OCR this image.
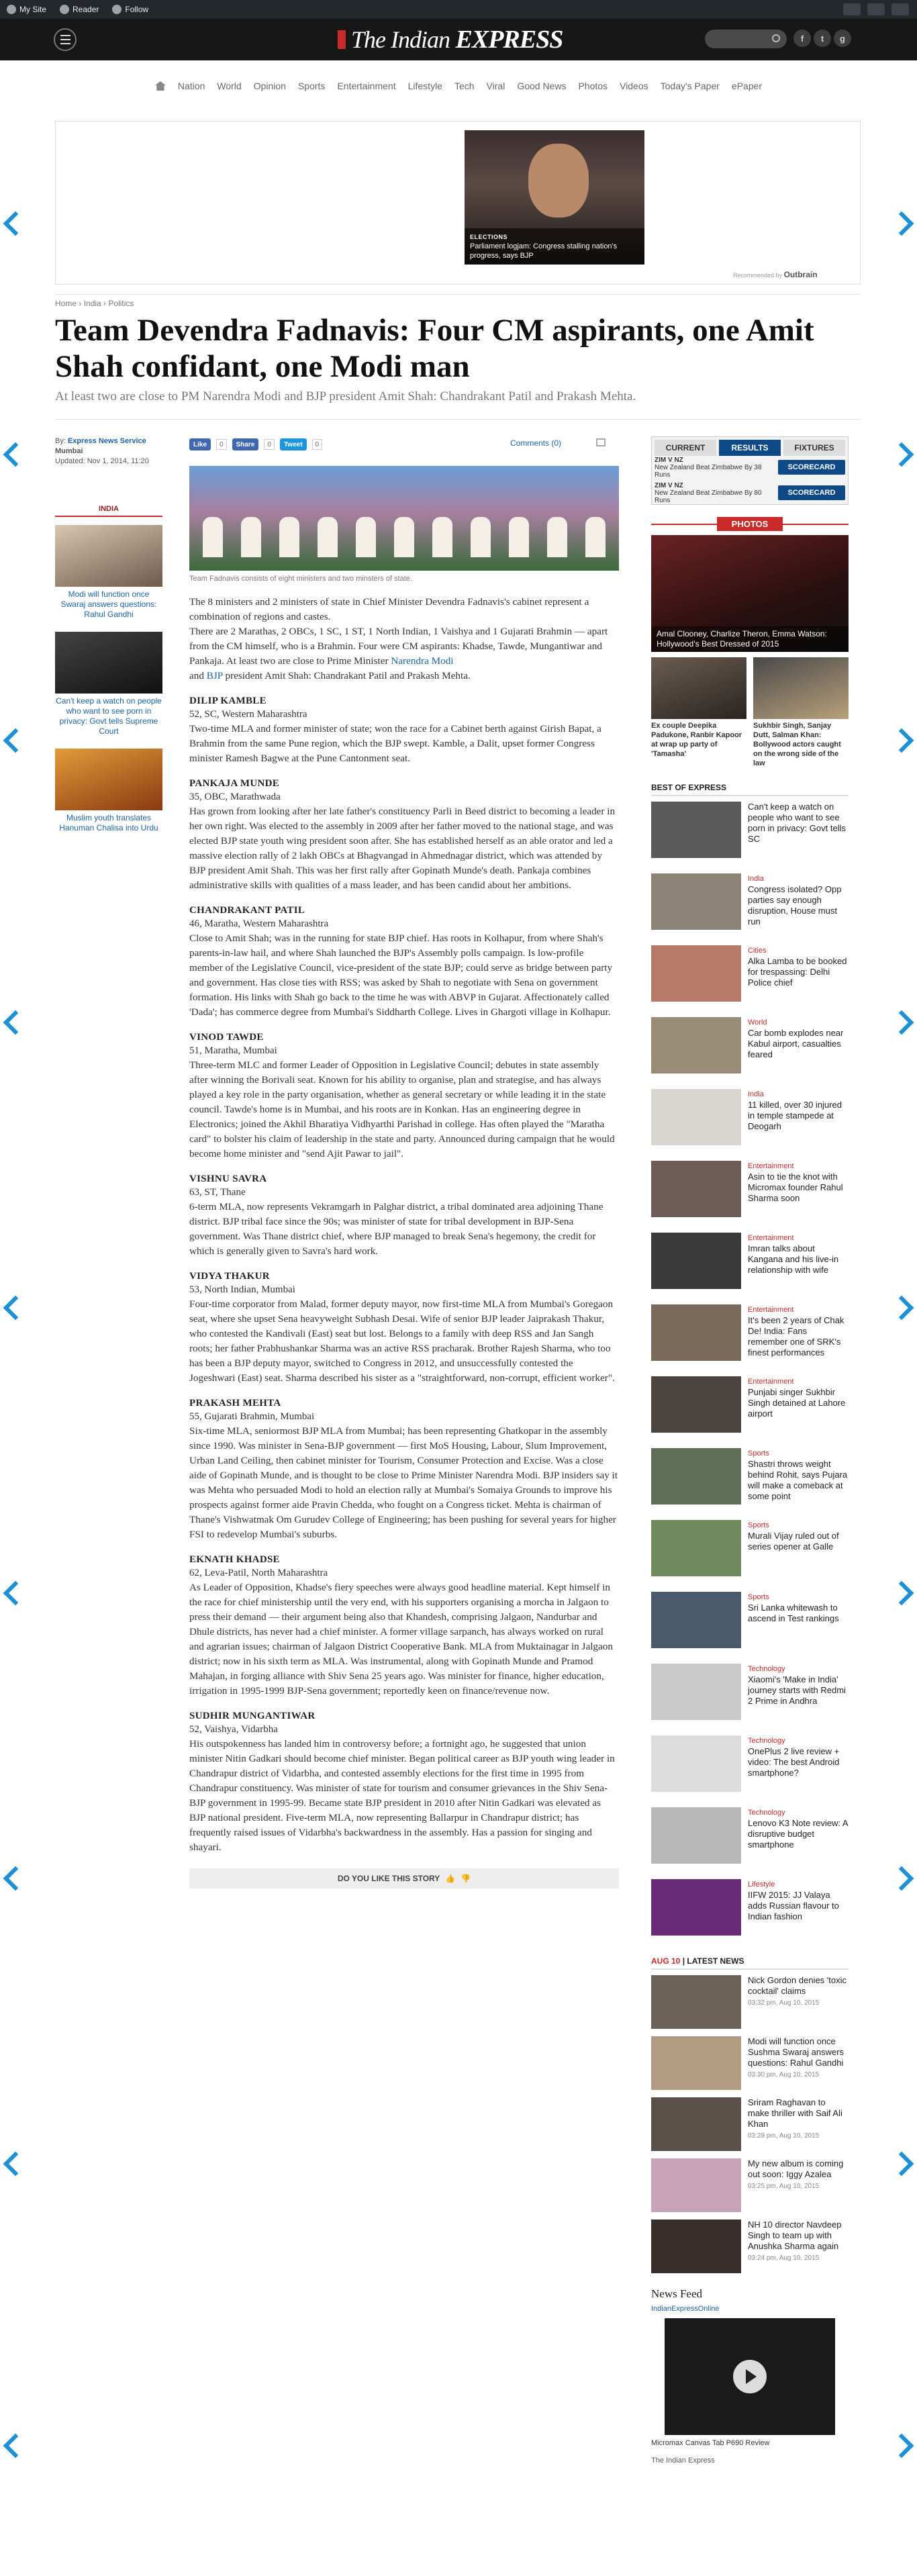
My Site	Reader	Follow
The Indian
EXPRESS	f	t	g
Nation World Opinion Sports Entertainment Lifestyle Tech Viral Good News Photos Videos Today's Paper ePaper
ELECTIONS
Parliament logjam: Congress stalling nation's progress, says BJP
Recommended by Outbrain
Home › India › Politics
Team Devendra Fadnavis: Four CM aspirants, one Amit Shah confidant, one Modi man
At least two are close to PM Narendra Modi and BJP president Amit Shah: Chandrakant Patil and Prakash Mehta.
By: Express News Service
Mumbai
Updated: Nov 1, 2014, 11:20
Like	0	Share	0	Tweet	0	Comments (0)
INDIA
Modi will function once Swaraj answers questions: Rahul Gandhi
Can't keep a watch on people who want to see porn in privacy: Govt tells Supreme Court
Muslim youth translates Hanuman Chalisa into Urdu
Team Fadnavis consists of eight ministers and two minsters of state.
The 8 ministers and 2 ministers of state in Chief Minister Devendra Fadnavis's cabinet represent a combination of regions and castes.
There are 2 Marathas, 2 OBCs, 1 SC, 1 ST, 1 North Indian, 1 Vaishya and 1 Gujarati Brahmin — apart from the CM himself, who is a Brahmin. Four were CM aspirants: Khadse, Tawde, Mungantiwar and Pankaja. At least two are close to Prime Minister Narendra Modi
and BJP president Amit Shah: Chandrakant Patil and Prakash Mehta.
DILIP KAMBLE
52, SC, Western Maharashtra
Two-time MLA and former minister of state; won the race for a Cabinet berth against Girish Bapat, a Brahmin from the same Pune region, which the BJP swept. Kamble, a Dalit, upset former Congress minister Ramesh Bagwe at the Pune Cantonment seat.
PANKAJA MUNDE
35, OBC, Marathwada
Has grown from looking after her late father's constituency Parli in Beed district to becoming a leader in her own right. Was elected to the assembly in 2009 after her father moved to the national stage, and was elected BJP state youth wing president soon after. She has established herself as an able orator and led a massive election rally of 2 lakh OBCs at Bhagvangad in Ahmednagar district, which was attended by BJP president Amit Shah. This was her first rally after Gopinath Munde's death. Pankaja combines administrative skills with qualities of a mass leader, and has been candid about her ambitions.
CHANDRAKANT PATIL
46, Maratha, Western Maharashtra
Close to Amit Shah; was in the running for state BJP chief. Has roots in Kolhapur, from where Shah's parents-in-law hail, and where Shah launched the BJP's Assembly polls campaign. Is low-profile member of the Legislative Council, vice-president of the state BJP; could serve as bridge between party and government. Has close ties with RSS; was asked by Shah to negotiate with Sena on government formation. His links with Shah go back to the time he was with ABVP in Gujarat. Affectionately called 'Dada'; has commerce degree from Mumbai's Siddharth College. Lives in Ghargoti village in Kolhapur.
VINOD TAWDE
51, Maratha, Mumbai
Three-term MLC and former Leader of Opposition in Legislative Council; debutes in state assembly after winning the Borivali seat. Known for his ability to organise, plan and strategise, and has always played a key role in the party organisation, whether as general secretary or while leading it in the state council. Tawde's home is in Mumbai, and his roots are in Konkan. Has an engineering degree in Electronics; joined the Akhil Bharatiya Vidhyarthi Parishad in college. Has often played the "Maratha card" to bolster his claim of leadership in the state and party. Announced during campaign that he would become home minister and "send Ajit Pawar to jail".
VISHNU SAVRA
63, ST, Thane
6-term MLA, now represents Vekramgarh in Palghar district, a tribal dominated area adjoining Thane district. BJP tribal face since the 90s; was minister of state for tribal development in BJP-Sena government. Was Thane district chief, where BJP managed to break Sena's hegemony, the credit for which is generally given to Savra's hard work.
VIDYA THAKUR
53, North Indian, Mumbai
Four-time corporator from Malad, former deputy mayor, now first-time MLA from Mumbai's Goregaon seat, where she upset Sena heavyweight Subhash Desai. Wife of senior BJP leader Jaiprakash Thakur, who contested the Kandivali (East) seat but lost. Belongs to a family with deep RSS and Jan Sangh roots; her father Prabhushankar Sharma was an active RSS pracharak. Brother Rajesh Sharma, who too has been a BJP deputy mayor, switched to Congress in 2012, and unsuccessfully contested the Jogeshwari (East) seat. Sharma described his sister as a "straightforward, non-corrupt, efficient worker".
PRAKASH MEHTA
55, Gujarati Brahmin, Mumbai
Six-time MLA, seniormost BJP MLA from Mumbai; has been representing Ghatkopar in the assembly since 1990. Was minister in Sena-BJP government — first MoS Housing, Labour, Slum Improvement, Urban Land Ceiling, then cabinet minister for Tourism, Consumer Protection and Excise. Was a close aide of Gopinath Munde, and is thought to be close to Prime Minister Narendra Modi. BJP insiders say it was Mehta who persuaded Modi to hold an election rally at Mumbai's Somaiya Grounds to improve his prospects against former aide Pravin Chedda, who fought on a Congress ticket. Mehta is chairman of Thane's Vishwatmak Om Gurudev College of Engineering; has been pushing for several years for higher FSI to redevelop Mumbai's suburbs.
EKNATH KHADSE
62, Leva-Patil, North Maharashtra
As Leader of Opposition, Khadse's fiery speeches were always good headline material. Kept himself in the race for chief ministership until the very end, with his supporters organising a morcha in Jalgaon to press their demand — their argument being also that Khandesh, comprising Jalgaon, Nandurbar and Dhule districts, has never had a chief minister. A former village sarpanch, has always worked on rural and agrarian issues; chairman of Jalgaon District Cooperative Bank. MLA from Muktainagar in Jalgaon district; now in his sixth term as MLA. Was instrumental, along with Gopinath Munde and Pramod Mahajan, in forging alliance with Shiv Sena 25 years ago. Was minister for finance, higher education, irrigation in 1995-1999 BJP-Sena government; reportedly keen on finance/revenue now.
SUDHIR MUNGANTIWAR
52, Vaishya, Vidarbha
His outspokenness has landed him in controversy before; a fortnight ago, he suggested that union minister Nitin Gadkari should become chief minister. Began political career as BJP youth wing leader in Chandrapur district of Vidarbha, and contested assembly elections for the first time in 1995 from Chandrapur constituency. Was minister of state for tourism and consumer grievances in the Shiv Sena-BJP government in 1995-99. Became state BJP president in 2010 after Nitin Gadkari was elevated as BJP national president. Five-term MLA, now representing Ballarpur in Chandrapur district; has frequently raised issues of Vidarbha's backwardness in the assembly. Has a passion for singing and shayari.
DO YOU LIKE THIS STORY 👍 👎
CURRENT	RESULTS	FIXTURES
ZIM V NZ
New Zealand Beat Zimbabwe By 38 Runs
SCORECARD
ZIM V NZ
New Zealand Beat Zimbabwe By 80 Runs
SCORECARD
PHOTOS
Amal Clooney, Charlize Theron, Emma Watson: Hollywood's Best Dressed of 2015
Ex couple Deepika Padukone, Ranbir Kapoor at wrap up party of 'Tamasha'
Sukhbir Singh, Sanjay Dutt, Salman Khan: Bollywood actors caught on the wrong side of the law
BEST OF EXPRESS
Can't keep a watch on people who want to see porn in privacy: Govt tells SC
India
Congress isolated? Opp parties say enough disruption, House must run
Cities
Alka Lamba to be booked for trespassing: Delhi Police chief
World
Car bomb explodes near Kabul airport, casualties feared
India
11 killed, over 30 injured in temple stampede at Deogarh
Entertainment
Asin to tie the knot with Micromax founder Rahul Sharma soon
Entertainment
Imran talks about Kangana and his live-in relationship with wife
Entertainment
It's been 2 years of Chak De! India: Fans remember one of SRK's finest performances
Entertainment
Punjabi singer Sukhbir Singh detained at Lahore airport
Sports
Shastri throws weight behind Rohit, says Pujara will make a comeback at some point
Sports
Murali Vijay ruled out of series opener at Galle
Sports
Sri Lanka whitewash to ascend in Test rankings
Technology
Xiaomi's 'Make in India' journey starts with Redmi 2 Prime in Andhra
Technology
OnePlus 2 live review + video: The best Android smartphone?
Technology
Lenovo K3 Note review: A disruptive budget smartphone
Lifestyle
IIFW 2015: JJ Valaya adds Russian flavour to Indian fashion
AUG 10 | LATEST NEWS
Nick Gordon denies 'toxic cocktail' claims
03:32 pm, Aug 10, 2015
Modi will function once Sushma Swaraj answers questions: Rahul Gandhi
03:30 pm, Aug 10, 2015
Sriram Raghavan to make thriller with Saif Ali Khan
03:29 pm, Aug 10, 2015
My new album is coming out soon: Iggy Azalea
03:25 pm, Aug 10, 2015
NH 10 director Navdeep Singh to team up with Anushka Sharma again
03:24 pm, Aug 10, 2015
News Feed
IndianExpressOnline
Micromax Canvas Tab P690 Review
The Indian Express
